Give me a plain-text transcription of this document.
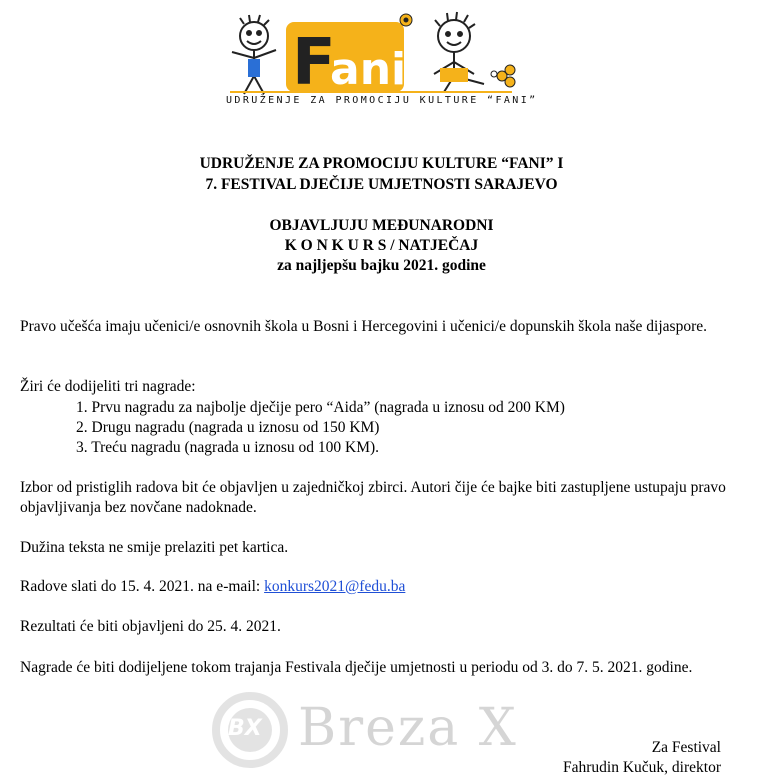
F
ani
UDRUŽENJE ZA PROMOCIJU KULTURE “FANI”
UDRUŽENJE ZA PROMOCIJU KULTURE “FANI” I
7. FESTIVAL DJEČIJE UMJETNOSTI SARAJEVO
OBJAVLJUJU MEĐUNARODNI
K O N K U R S / NATJEČAJ
za najljepšu bajku 2021. godine
Pravo učešća imaju učenici/e osnovnih škola u Bosni i Hercegovini i učenici/e dopunskih škola naše dijaspore.
Žiri će dodijeliti tri nagrade:
1. Prvu nagradu za najbolje dječije pero “Aida” (nagrada u iznosu od 200 KM)
2. Drugu nagradu (nagrada u iznosu od 150 KM)
3. Treću nagradu (nagrada u iznosu od 100 KM).
Izbor od pristiglih radova bit će objavljen u zajedničkoj zbirci. Autori čije će bajke biti zastupljene ustupaju pravo objavljivanja bez novčane nadoknade.
Dužina teksta ne smije prelaziti pet kartica.
Radove slati do 15. 4. 2021. na e-mail: konkurs2021@fedu.ba
Rezultati će biti objavljeni do 25. 4. 2021.
Nagrade će biti dodijeljene tokom trajanja Festivala dječije umjetnosti u periodu od 3. do 7. 5. 2021. godine.
BX Breza X	Za Festival
Fahrudin Kučuk, direktor
